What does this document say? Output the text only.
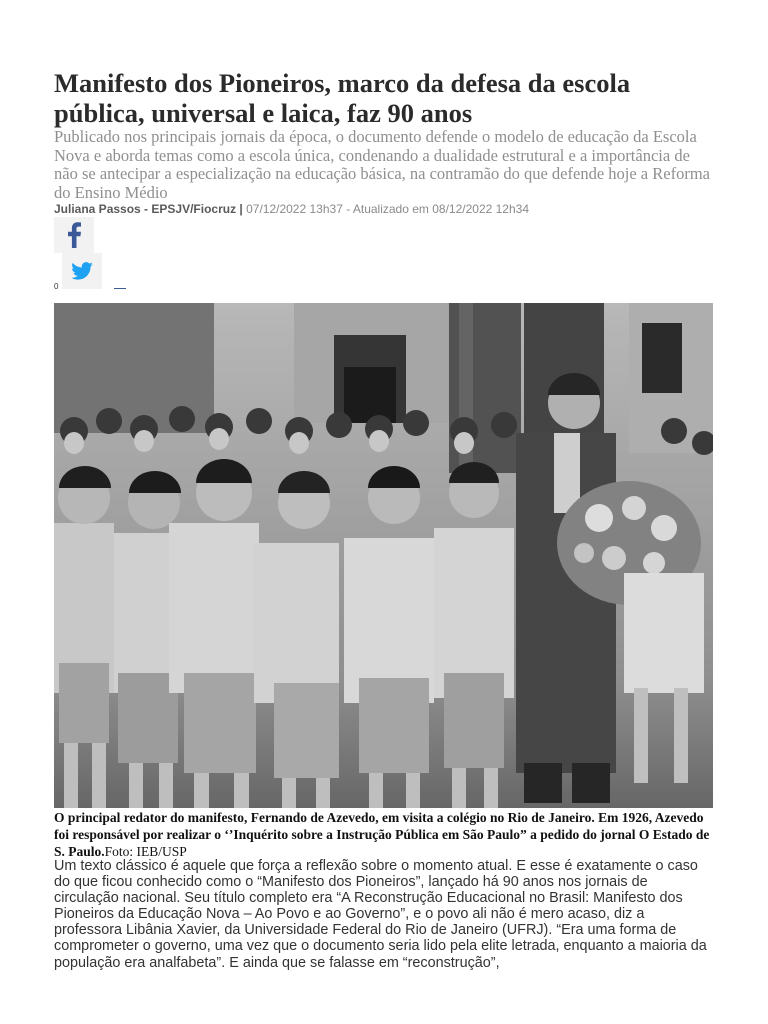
Manifesto dos Pioneiros, marco da defesa da escola pública, universal e laica, faz 90 anos

Publicado nos principais jornais da época, o documento defende o modelo de educação da Escola Nova e aborda temas como a escola única, condenando a dualidade estrutural e a importância de não se antecipar a especialização na educação básica, na contramão do que defende hoje a Reforma do Ensino Médio

Juliana Passos - EPSJV/Fiocruz | 07/12/2022 13h37 - Atualizado em 08/12/2022 12h34
0
O principal redator do manifesto, Fernando de Azevedo, em visita a colégio no Rio de Janeiro. Em 1926, Azevedo foi responsável por realizar o ‘’Inquérito sobre a Instrução Pública em São Paulo” a pedido do jornal O Estado de S. Paulo.Foto: IEB/USP

Um texto clássico é aquele que força a reflexão sobre o momento atual. E esse é exatamente o caso do que ficou conhecido como o “Manifesto dos Pioneiros”, lançado há 90 anos nos jornais de circulação nacional. Seu título completo era “A Reconstrução Educacional no Brasil: Manifesto dos Pioneiros da Educação Nova – Ao Povo e ao Governo”, e o povo ali não é mero acaso, diz a professora Libânia Xavier, da Universidade Federal do Rio de Janeiro (UFRJ). “Era uma forma de comprometer o governo, uma vez que o documento seria lido pela elite letrada, enquanto a maioria da população era analfabeta”. E ainda que se falasse em “reconstrução”,
